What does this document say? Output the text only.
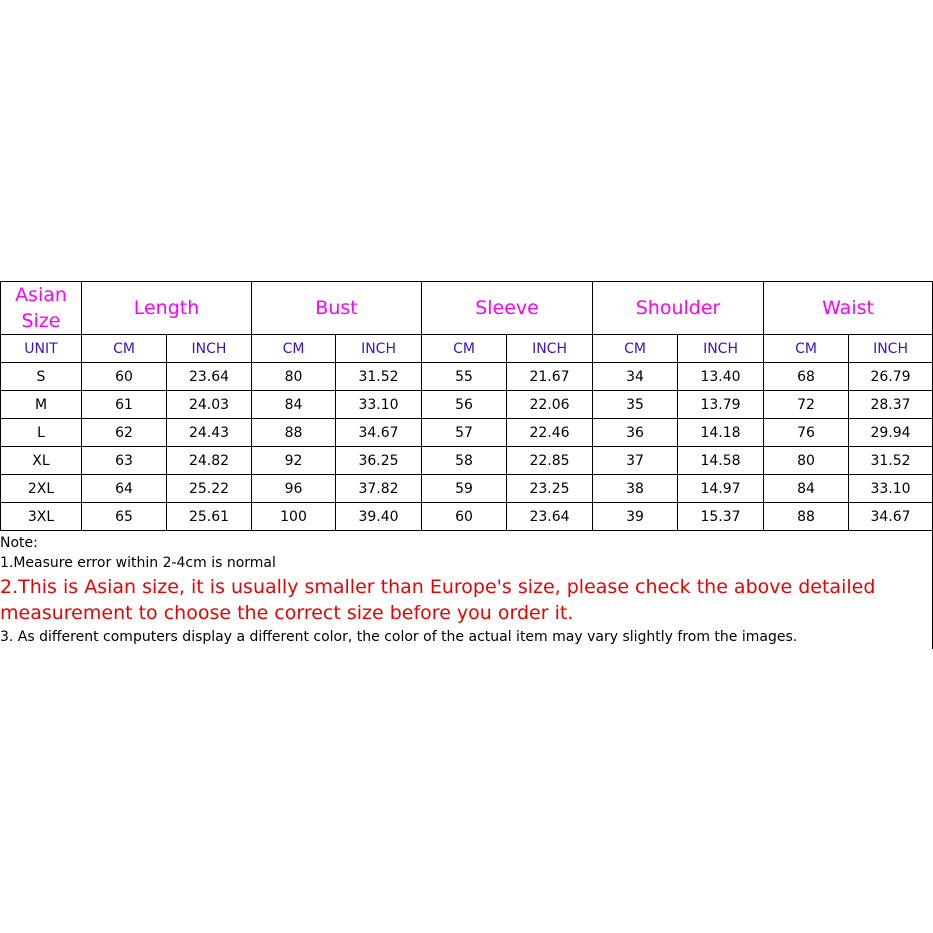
Asian Size	Length		Bust		Sleeve		Shoulder		Waist	
UNIT	CM	INCH	CM	INCH	CM	INCH	CM	INCH	CM	INCH
S	60	23.64	80	31.52	55	21.67	34	13.40	68	26.79
M	61	24.03	84	33.10	56	22.06	35	13.79	72	28.37
L	62	24.43	88	34.67	57	22.46	36	14.18	76	29.94
XL	63	24.82	92	36.25	58	22.85	37	14.58	80	31.52
2XL	64	25.22	96	37.82	59	23.25	38	14.97	84	33.10
3XL	65	25.61	100	39.40	60	23.64	39	15.37	88	34.67
Note:
1.Measure error within 2-4cm is normal
2.This is Asian size, it is usually smaller than Europe's size, please check the above detailed measurement to choose the correct size before you order it.
3. As different computers display a different color, the color of the actual item may vary slightly from the images.
